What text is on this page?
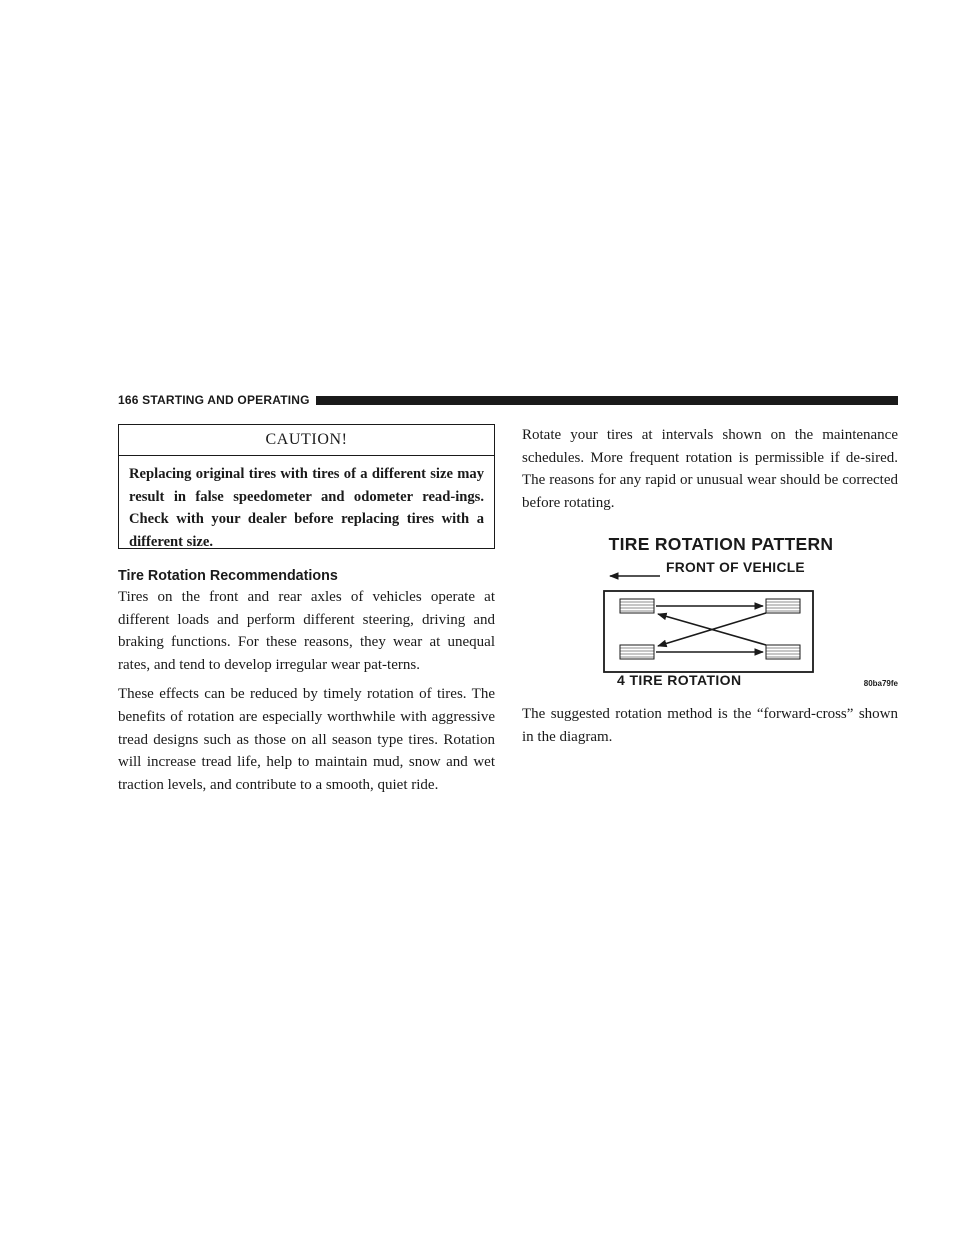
166 STARTING AND OPERATING
CAUTION!
Replacing original tires with tires of a different size may result in false speedometer and odometer read-ings. Check with your dealer before replacing tires with a different size.
Tire Rotation Recommendations

Tires on the front and rear axles of vehicles operate at different loads and perform different steering, driving and braking functions. For these reasons, they wear at unequal rates, and tend to develop irregular wear pat-terns.

These effects can be reduced by timely rotation of tires. The benefits of rotation are especially worthwhile with aggressive tread designs such as those on all season type tires. Rotation will increase tread life, help to maintain mud, snow and wet traction levels, and contribute to a smooth, quiet ride.

Rotate your tires at intervals shown on the maintenance schedules. More frequent rotation is permissible if de-sired. The reasons for any rapid or unusual wear should be corrected before rotating.

TIRE ROTATION PATTERN
FRONT OF VEHICLE
4 TIRE ROTATION	80ba79fe

The suggested rotation method is the “forward-cross” shown in the diagram.
